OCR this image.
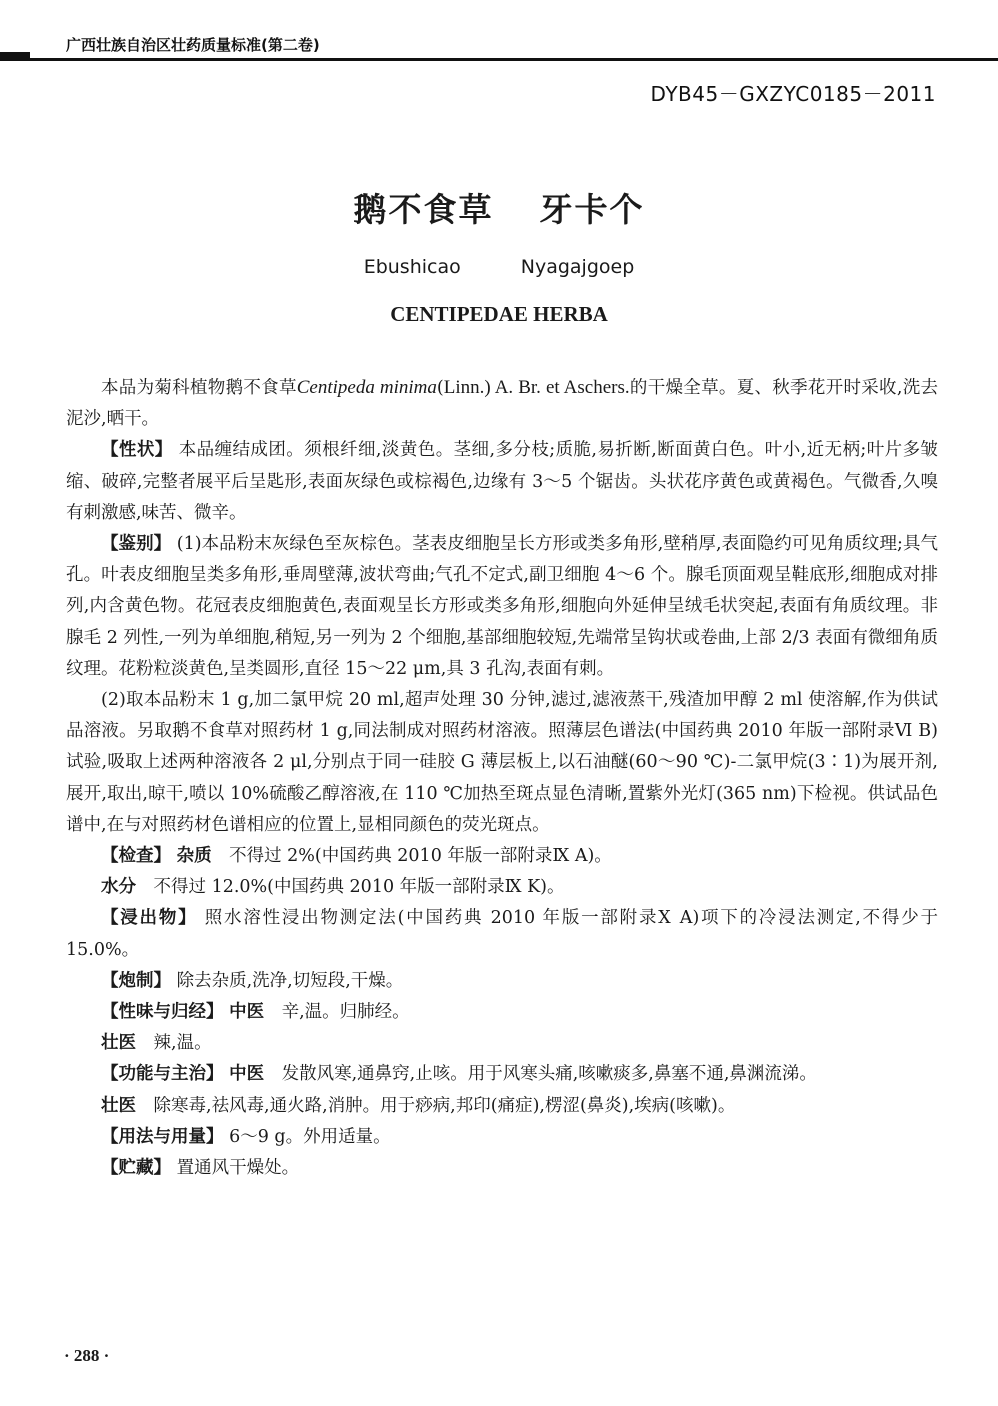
广西壮族自治区壮药质量标准(第二卷)
DYB45－GXZYC0185－2011
鹅不食草 牙卡个
Ebushicao	Nyagajgoep
CENTIPEDAE HERBA

本品为菊科植物鹅不食草Centipeda minima(Linn.) A. Br. et Aschers.的干燥全草。夏、秋季花开时采收,洗去泥沙,晒干。

【性状】 本品缠结成团。须根纤细,淡黄色。茎细,多分枝;质脆,易折断,断面黄白色。叶小,近无柄;叶片多皱缩、破碎,完整者展平后呈匙形,表面灰绿色或棕褐色,边缘有 3～5 个锯齿。头状花序黄色或黄褐色。气微香,久嗅有刺激感,味苦、微辛。

【鉴别】 (1)本品粉末灰绿色至灰棕色。茎表皮细胞呈长方形或类多角形,壁稍厚,表面隐约可见角质纹理;具气孔。叶表皮细胞呈类多角形,垂周壁薄,波状弯曲;气孔不定式,副卫细胞 4～6 个。腺毛顶面观呈鞋底形,细胞成对排列,内含黄色物。花冠表皮细胞黄色,表面观呈长方形或类多角形,细胞向外延伸呈绒毛状突起,表面有角质纹理。非腺毛 2 列性,一列为单细胞,稍短,另一列为 2 个细胞,基部细胞较短,先端常呈钩状或卷曲,上部 2/3 表面有微细角质纹理。花粉粒淡黄色,呈类圆形,直径 15～22 μm,具 3 孔沟,表面有刺。

(2)取本品粉末 1 g,加二氯甲烷 20 ml,超声处理 30 分钟,滤过,滤液蒸干,残渣加甲醇 2 ml 使溶解,作为供试品溶液。另取鹅不食草对照药材 1 g,同法制成对照药材溶液。照薄层色谱法(中国药典 2010 年版一部附录Ⅵ B)试验,吸取上述两种溶液各 2 μl,分别点于同一硅胶 G 薄层板上,以石油醚(60～90 ℃)-二氯甲烷(3∶1)为展开剂,展开,取出,晾干,喷以 10%硫酸乙醇溶液,在 110 ℃加热至斑点显色清晰,置紫外光灯(365 nm)下检视。供试品色谱中,在与对照药材色谱相应的位置上,显相同颜色的荧光斑点。

【检查】 杂质　 不得过 2%(中国药典 2010 年版一部附录Ⅸ A)。

水分　 不得过 12.0%(中国药典 2010 年版一部附录Ⅸ K)。

【浸出物】 照水溶性浸出物测定法(中国药典 2010 年版一部附录Ⅹ A)项下的冷浸法测定,不得少于 15.0%。

【炮制】 除去杂质,洗净,切短段,干燥。

【性味与归经】 中医　 辛,温。归肺经。

壮医　 辣,温。

【功能与主治】 中医　 发散风寒,通鼻窍,止咳。用于风寒头痛,咳嗽痰多,鼻塞不通,鼻渊流涕。

壮医　 除寒毒,祛风毒,通火路,消肿。用于痧病,邦印(痛症),楞涩(鼻炎),埃病(咳嗽)。

【用法与用量】 6～9 g。外用适量。

【贮藏】 置通风干燥处。

· 288 ·
